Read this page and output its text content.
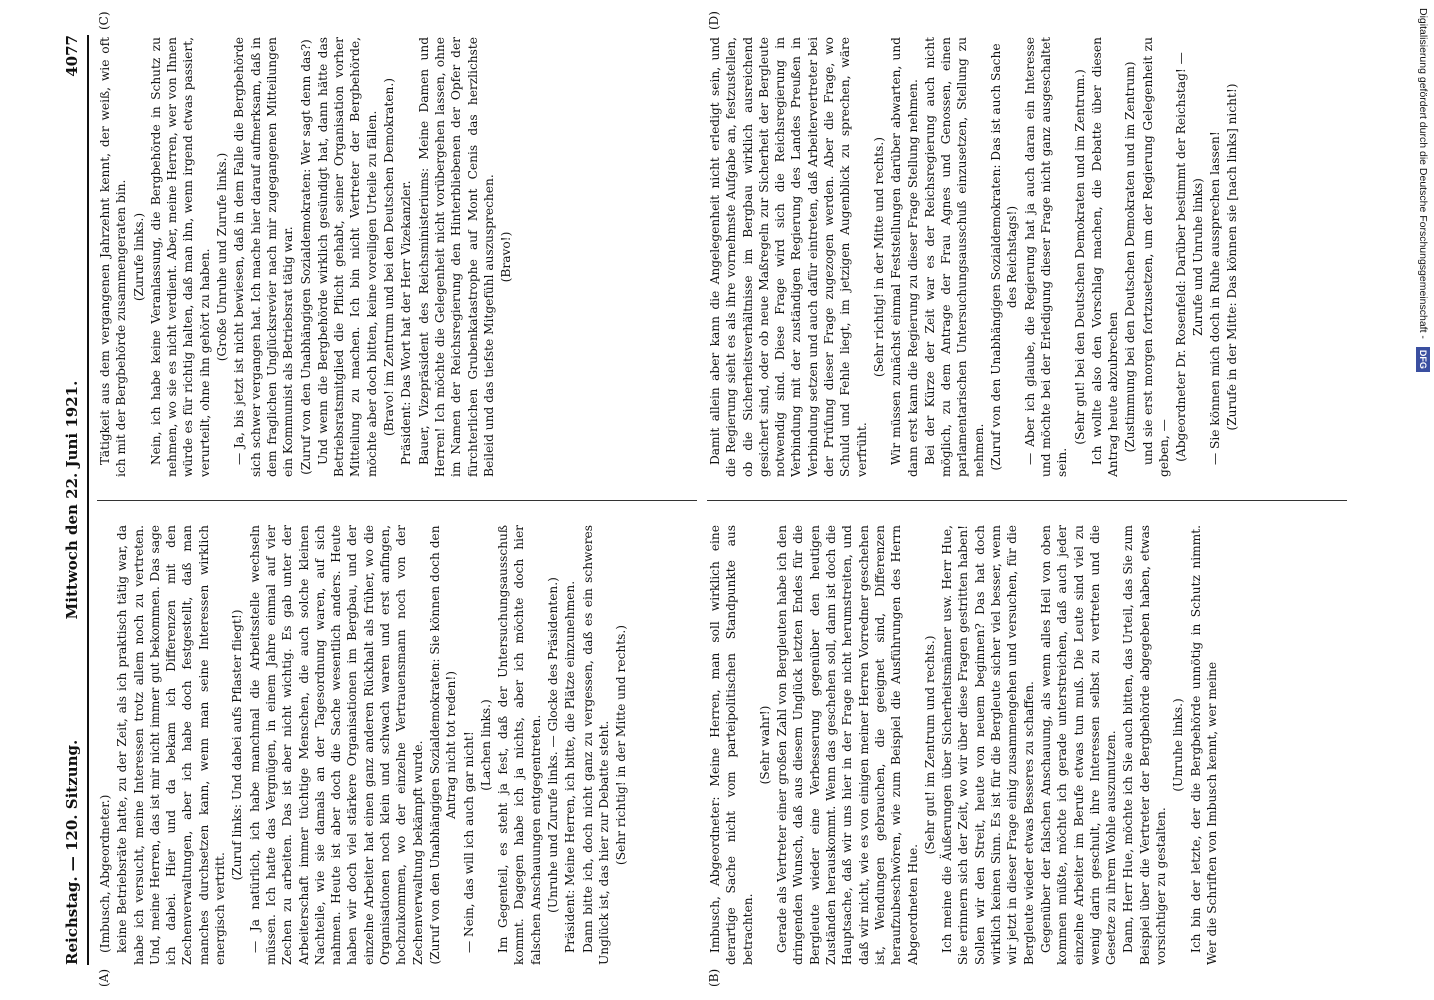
Reichstag. — 120. Sitzung.
Mittwoch den 22. Juni 1921.
4077

(Imbusch, Abgeordneter.) keine Betriebsräte hatte, zu der Zeit, als ich praktisch tätig war, da habe ich versucht, meine Interessen trotz allem noch zu vertreten. Und, meine Herren, das ist mir nicht immer gut bekommen. Das sage ich dabei. Hier und da bekam ich Differenzen mit den Zechenverwaltungen, aber ich habe doch festgestellt, daß man manches durchsetzen kann, wenn man seine Interessen wirklich energisch vertritt.

(Zuruf links: Und dabei aufs Pflaster fliegt!) — Ja natürlich, ich habe manchmal die Arbeitsstelle wechseln müssen. Ich hatte das Vergnügen, in einem Jahre einmal auf vier Zechen zu arbeiten. Das ist aber nicht wichtig. Es gab unter der Arbeiterschaft immer tüchtige Menschen, die auch solche kleinen Nachteile, wie sie damals an der Tagesordnung waren, auf sich nahmen. Heute ist aber doch die Sache wesentlich anders. Heute haben wir doch viel stärkere Organisationen im Bergbau, und der einzelne Arbeiter hat einen ganz anderen Rückhalt als früher, wo die Organisationen noch klein und schwach waren und erst anfingen, hochzukommen, wo der einzelne Vertrauensmann noch von der Zechenverwaltung bekämpft wurde. (Zuruf von den Unabhängigen Sozialdemokraten: Sie können doch den Antrag nicht tot reden!) — Nein, das will ich auch gar nicht! (Lachen links.) Im Gegenteil, es steht ja fest, daß der Untersuchungsausschuß kommt. Dagegen habe ich ja nichts, aber ich möchte doch hier falschen Anschauungen entgegentreten. (Unruhe und Zurufe links. — Glocke des Präsidenten.) Präsident: Meine Herren, ich bitte, die Plätze einzunehmen. Dann bitte ich, doch nicht ganz zu vergessen, daß es ein schweres Unglück ist, das hier zur Debatte steht. (Sehr richtig! in der Mitte und rechts.)

Tätigkeit aus dem vergangenen Jahrzehnt kennt, der weiß, wie oft ich mit der Bergbehörde zusammengeraten bin. (Zurufe links.) Nein, ich habe keine Veranlassung, die Bergbehörde in Schutz zu nehmen, wo sie es nicht verdient. Aber, meine Herren, wer von Ihnen würde es für richtig halten, daß man ihn, wenn irgend etwas passiert, verurteilt, ohne ihn gehört zu haben. (Große Unruhe und Zurufe links.) — Ja, bis jetzt ist nicht bewiesen, daß in dem Falle die Bergbehörde sich schwer vergangen hat. Ich mache hier darauf aufmerksam, daß in dem fraglichen Unglücksrevier nach mir zugegangenen Mitteilungen ein Kommunist als Betriebsrat tätig war. (Zuruf von den Unabhängigen Sozialdemokraten: Wer sagt denn das?) Und wenn die Bergbehörde wirklich gesündigt hat, dann hätte das Betriebsratsmitglied die Pflicht gehabt, seiner Organisation vorher Mitteilung zu machen. Ich bin nicht Vertreter der Bergbehörde, möchte aber doch bitten, keine voreiligen Urteile zu fällen. (Bravo! im Zentrum und bei den Deutschen Demokraten.) Präsident: Das Wort hat der Herr Vizekanzler. Bauer, Vizepräsident des Reichsministeriums: Meine Damen und Herren! Ich möchte die Gelegenheit nicht vorübergehen lassen, ohne im Namen der Reichsregierung den Hinterbliebenen der Opfer der fürchterlichen Grubenkatastrophe auf Mont Cenis das herzlichste Beileid und das tiefste Mitgefühl auszusprechen. (Bravo!)

Imbusch, Abgeordneter: Meine Herren, man soll wirklich eine derartige Sache nicht vom parteipolitischen Standpunkte aus betrachten.

(Sehr wahr!) Gerade als Vertreter einer großen Zahl von Bergleuten habe ich den dringenden Wunsch, daß aus diesem Unglück letzten Endes für die Bergleute wieder eine Verbesserung gegenüber den heutigen Zuständen herauskommt. Wenn das geschehen soll, dann ist doch die Hauptsache, daß wir uns hier in der Frage nicht herumstreiten, und daß wir nicht, wie es von einigen meiner Herren Vorredner geschehen ist, Wendungen gebrauchen, die geeignet sind, Differenzen heraufzubeschwören, wie zum Beispiel die Ausführungen des Herrn Abgeordneten Hue.

(Sehr gut! im Zentrum und rechts.) Ich meine die Äußerungen über Sicherheitsmänner usw. Herr Hue, Sie erinnern sich der Zeit, wo wir über diese Fragen gestritten haben! Sollen wir den Streit, heute von neuem beginnen? Das hat doch wirklich keinen Sinn. Es ist für die Bergleute sicher viel besser, wenn wir jetzt in dieser Frage einig zusammengehen und versuchen, für die Bergleute wieder etwas Besseres zu schaffen. Gegenüber der falschen Anschauung, als wenn alles Heil von oben kommen müßte, möchte ich gerade unterstreichen, daß auch jeder einzelne Arbeiter im Berufe etwas tun muß. Die Leute sind viel zu wenig darin geschult, ihre Interessen selbst zu vertreten und die Gesetze zu ihrem Wohle auszunutzen. Dann, Herr Hue, möchte ich Sie auch bitten, das Urteil, das Sie zum Beispiel über die Vertreter der Bergbehörde abgegeben haben, etwas vorsichtiger zu gestalten.

(Unruhe links.) Ich bin der letzte, der die Bergbehörde unnötig in Schutz nimmt. Wer die Schriften von Imbusch kennt, wer meine

Damit allein aber kann die Angelegenheit nicht erledigt sein, und die Regierung sieht es als ihre vornehmste Aufgabe an, festzustellen, ob die Sicherheitsverhältnisse im Bergbau wirklich ausreichend gesichert sind, oder ob neue Maßregeln zur Sicherheit der Bergleute notwendig sind. Diese Frage wird sich die Reichsregierung in Verbindung mit der zuständigen Regierung des Landes Preußen in Verbindung setzen und auch dafür eintreten, daß Arbeitervertreter bei der Prüfung dieser Frage zugezogen werden. Aber die Frage, wo Schuld und Fehle liegt, im jetzigen Augenblick zu sprechen, wäre verfrüht.

(Sehr richtig! in der Mitte und rechts.) Wir müssen zunächst einmal Feststellungen darüber abwarten, und dann erst kann die Regierung zu dieser Frage Stellung nehmen. Bei der Kürze der Zeit war es der Reichsregierung auch nicht möglich, zu dem Antrage der Frau Agnes und Genossen, einen parlamentarischen Untersuchungsausschuß einzusetzen, Stellung zu nehmen. (Zuruf von den Unabhängigen Sozialdemokraten: Das ist auch Sache des Reichstags!) — Aber ich glaube, die Regierung hat ja auch daran ein Interesse und möchte bei der Erledigung dieser Frage nicht ganz ausgeschaltet sein.

(Sehr gut! bei den Deutschen Demokraten und im Zentrum.) Ich wollte also den Vorschlag machen, die Debatte über diesen Antrag heute abzubrechen (Zustimmung bei den Deutschen Demokraten und im Zentrum) und sie erst morgen fortzusetzen, um der Regierung Gelegenheit zu geben, — (Abgeordneter Dr. Rosenfeld: Darüber bestimmt der Reichstag! — Zurufe und Unruhe links) — Sie können mich doch in Ruhe aussprechen lassen! (Zurufe in der Mitte: Das können sie [nach links] nicht!)

(A)	(B)
(C)	(D)	Digitalisierung gefördert durch die Deutsche Forschungsgemeinschaft -DFG
